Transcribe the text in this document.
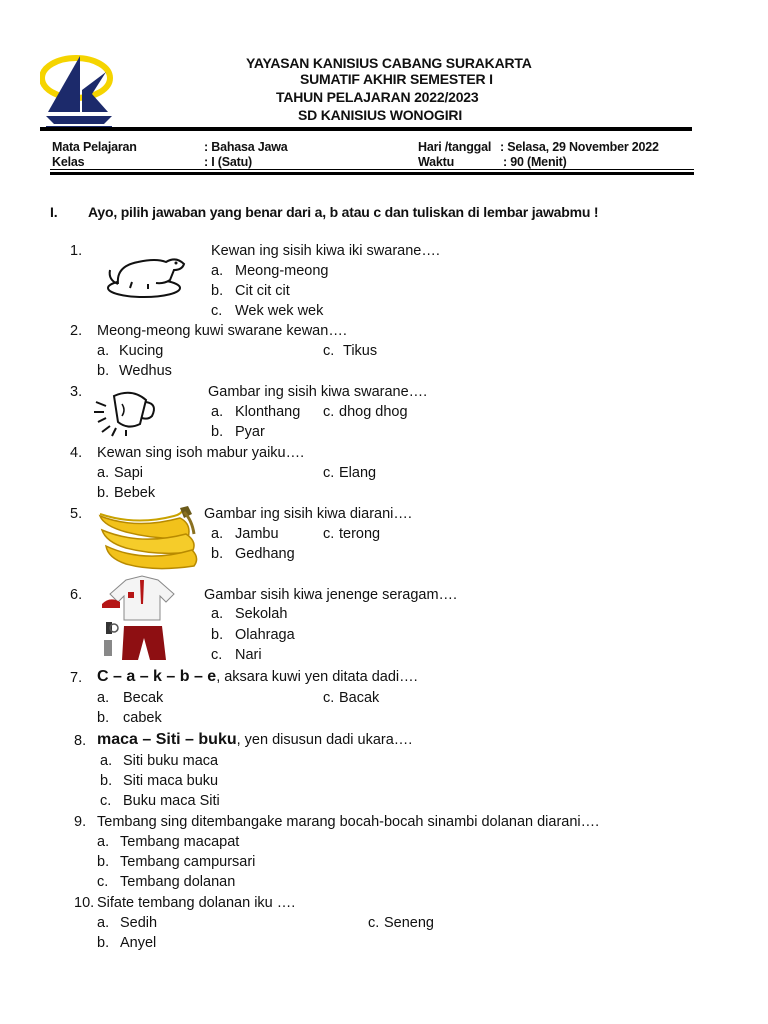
YAYASAN KANISIUS CABANG SURAKARTA
SUMATIF AKHIR SEMESTER I
TAHUN PELAJARAN 2022/2023
SD KANISIUS WONOGIRI
Mata Pelajaran	: Bahasa Jawa	Hari /tanggal : Selasa, 29 November 2022
Kelas	: I (Satu)	Waktu	: 90 (Menit)
I. Ayo, pilih jawaban yang benar dari a, b atau c dan tuliskan di lembar jawabmu !
1.	Kewan ing sisih kiwa iki swarane….
a. Meong-meong
b. Cit cit cit
c. Wek wek wek
2. Meong-meong kuwi swarane kewan….
a. Kucing	c. Tikus
b. Wedhus
3.	Gambar ing sisih kiwa swarane….
a. Klonthang c. dhog dhog
b. Pyar
4. Kewan sing isoh mabur yaiku….
a. Sapi	c. Elang
b. Bebek
5.	Gambar ing sisih kiwa diarani….
a. Jambu	c. terong
b. Gedhang
6.	Gambar sisih kiwa jenenge seragam….
a. Sekolah
b. Olahraga
c. Nari
7. C – a – k – b – e, aksara kuwi yen ditata dadi….
a. Becak	c. Bacak
b. cabek
8. maca – Siti – buku, yen disusun dadi ukara….
a. Siti buku maca
b. Siti maca buku
c. Buku maca Siti
9. Tembang sing ditembangake marang bocah-bocah sinambi dolanan diarani….
a. Tembang macapat
b. Tembang campursari
c. Tembang dolanan
10. Sifate tembang dolanan iku ….
a. Sedih	c. Seneng
b. Anyel
